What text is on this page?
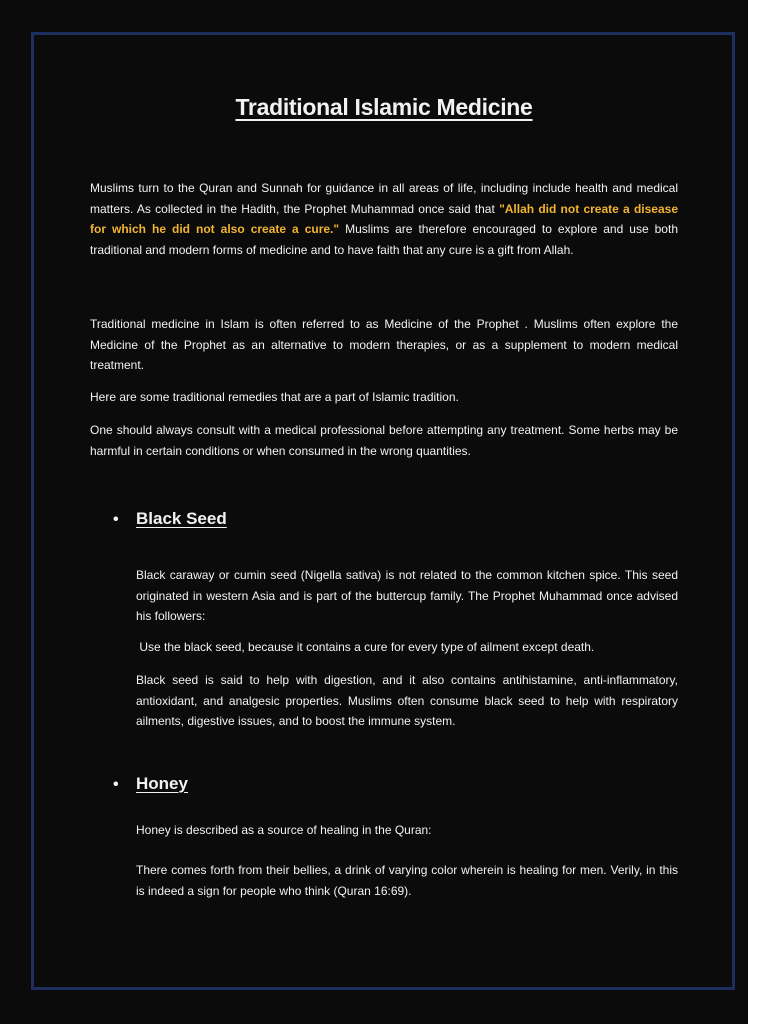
Traditional Islamic Medicine

Muslims turn to the Quran and Sunnah for guidance in all areas of life, including include health and medical matters. As collected in the Hadith, the Prophet Muhammad once said that "Allah did not create a disease for which he did not also create a cure." Muslims are therefore encouraged to explore and use both traditional and modern forms of medicine and to have faith that any cure is a gift from Allah.

Traditional medicine in Islam is often referred to as Medicine of the Prophet . Muslims often explore the Medicine of the Prophet as an alternative to modern therapies, or as a supplement to modern medical treatment.

Here are some traditional remedies that are a part of Islamic tradition.

One should always consult with a medical professional before attempting any treatment. Some herbs may be harmful in certain conditions or when consumed in the wrong quantities.

• Black Seed

Black caraway or cumin seed (Nigella sativa) is not related to the common kitchen spice. This seed originated in western Asia and is part of the buttercup family. The Prophet Muhammad once advised his followers:

Use the black seed, because it contains a cure for every type of ailment except death.

Black seed is said to help with digestion, and it also contains antihistamine, anti-inflammatory, antioxidant, and analgesic properties. Muslims often consume black seed to help with respiratory ailments, digestive issues, and to boost the immune system.

• Honey

Honey is described as a source of healing in the Quran:

There comes forth from their bellies, a drink of varying color wherein is healing for men. Verily, in this is indeed a sign for people who think (Quran 16:69).
